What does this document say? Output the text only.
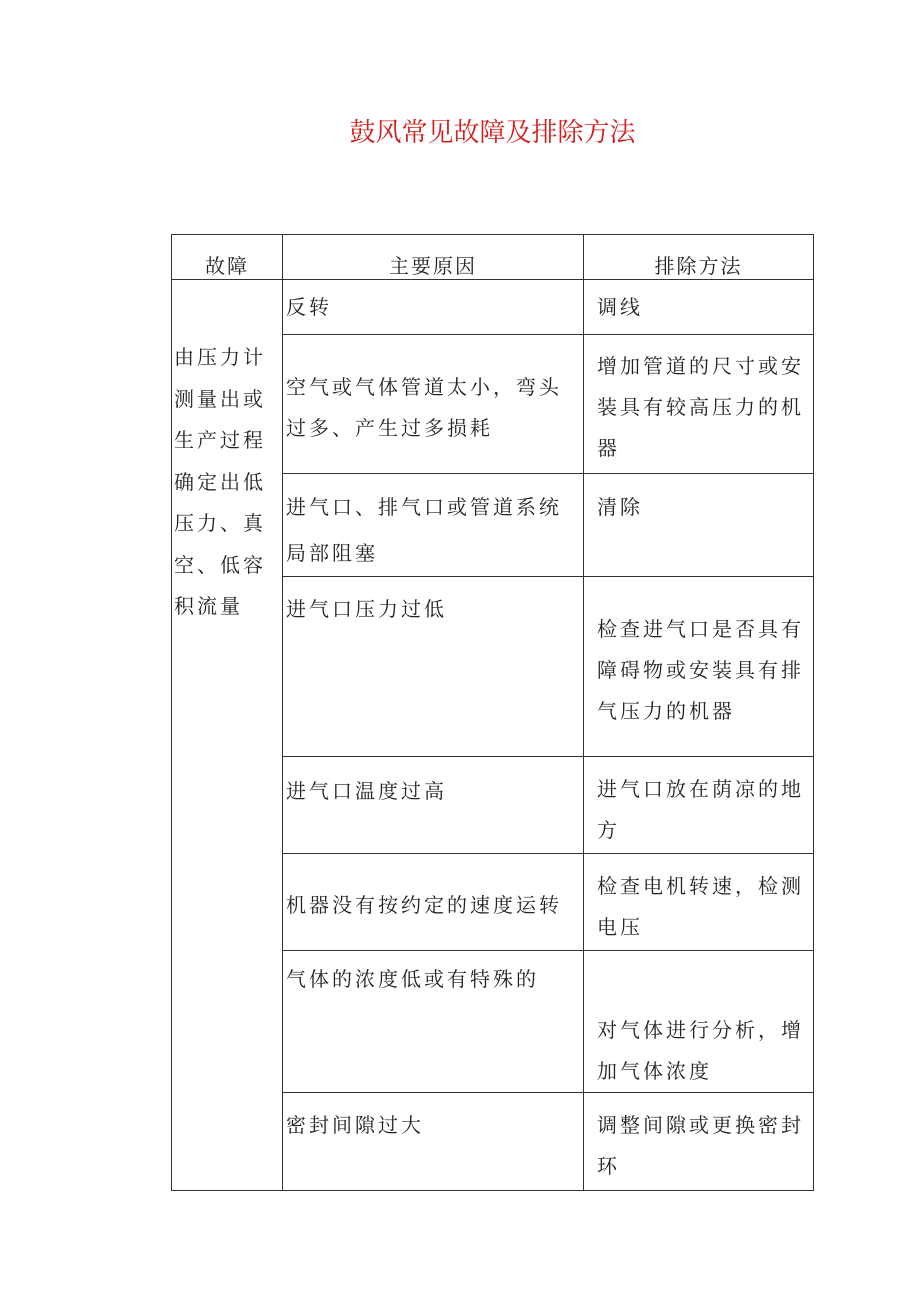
鼓风常见故障及排除方法
故障	主要原因	排除方法
由压力计测量出或生产过程确定出低压力、真空、低容积流量	反转	调线
	空气或气体管道太小，弯头过多、产生过多损耗	增加管道的尺寸或安装具有较高压力的机器
	进气口、排气口或管道系统局部阻塞	清除
	进气口压力过低	检查进气口是否具有障碍物或安装具有排气压力的机器
	进气口温度过高	进气口放在荫凉的地方
	机器没有按约定的速度运转	检查电机转速，检测电压
	气体的浓度低或有特殊的	对气体进行分析，增加气体浓度
	密封间隙过大	调整间隙或更换密封环
